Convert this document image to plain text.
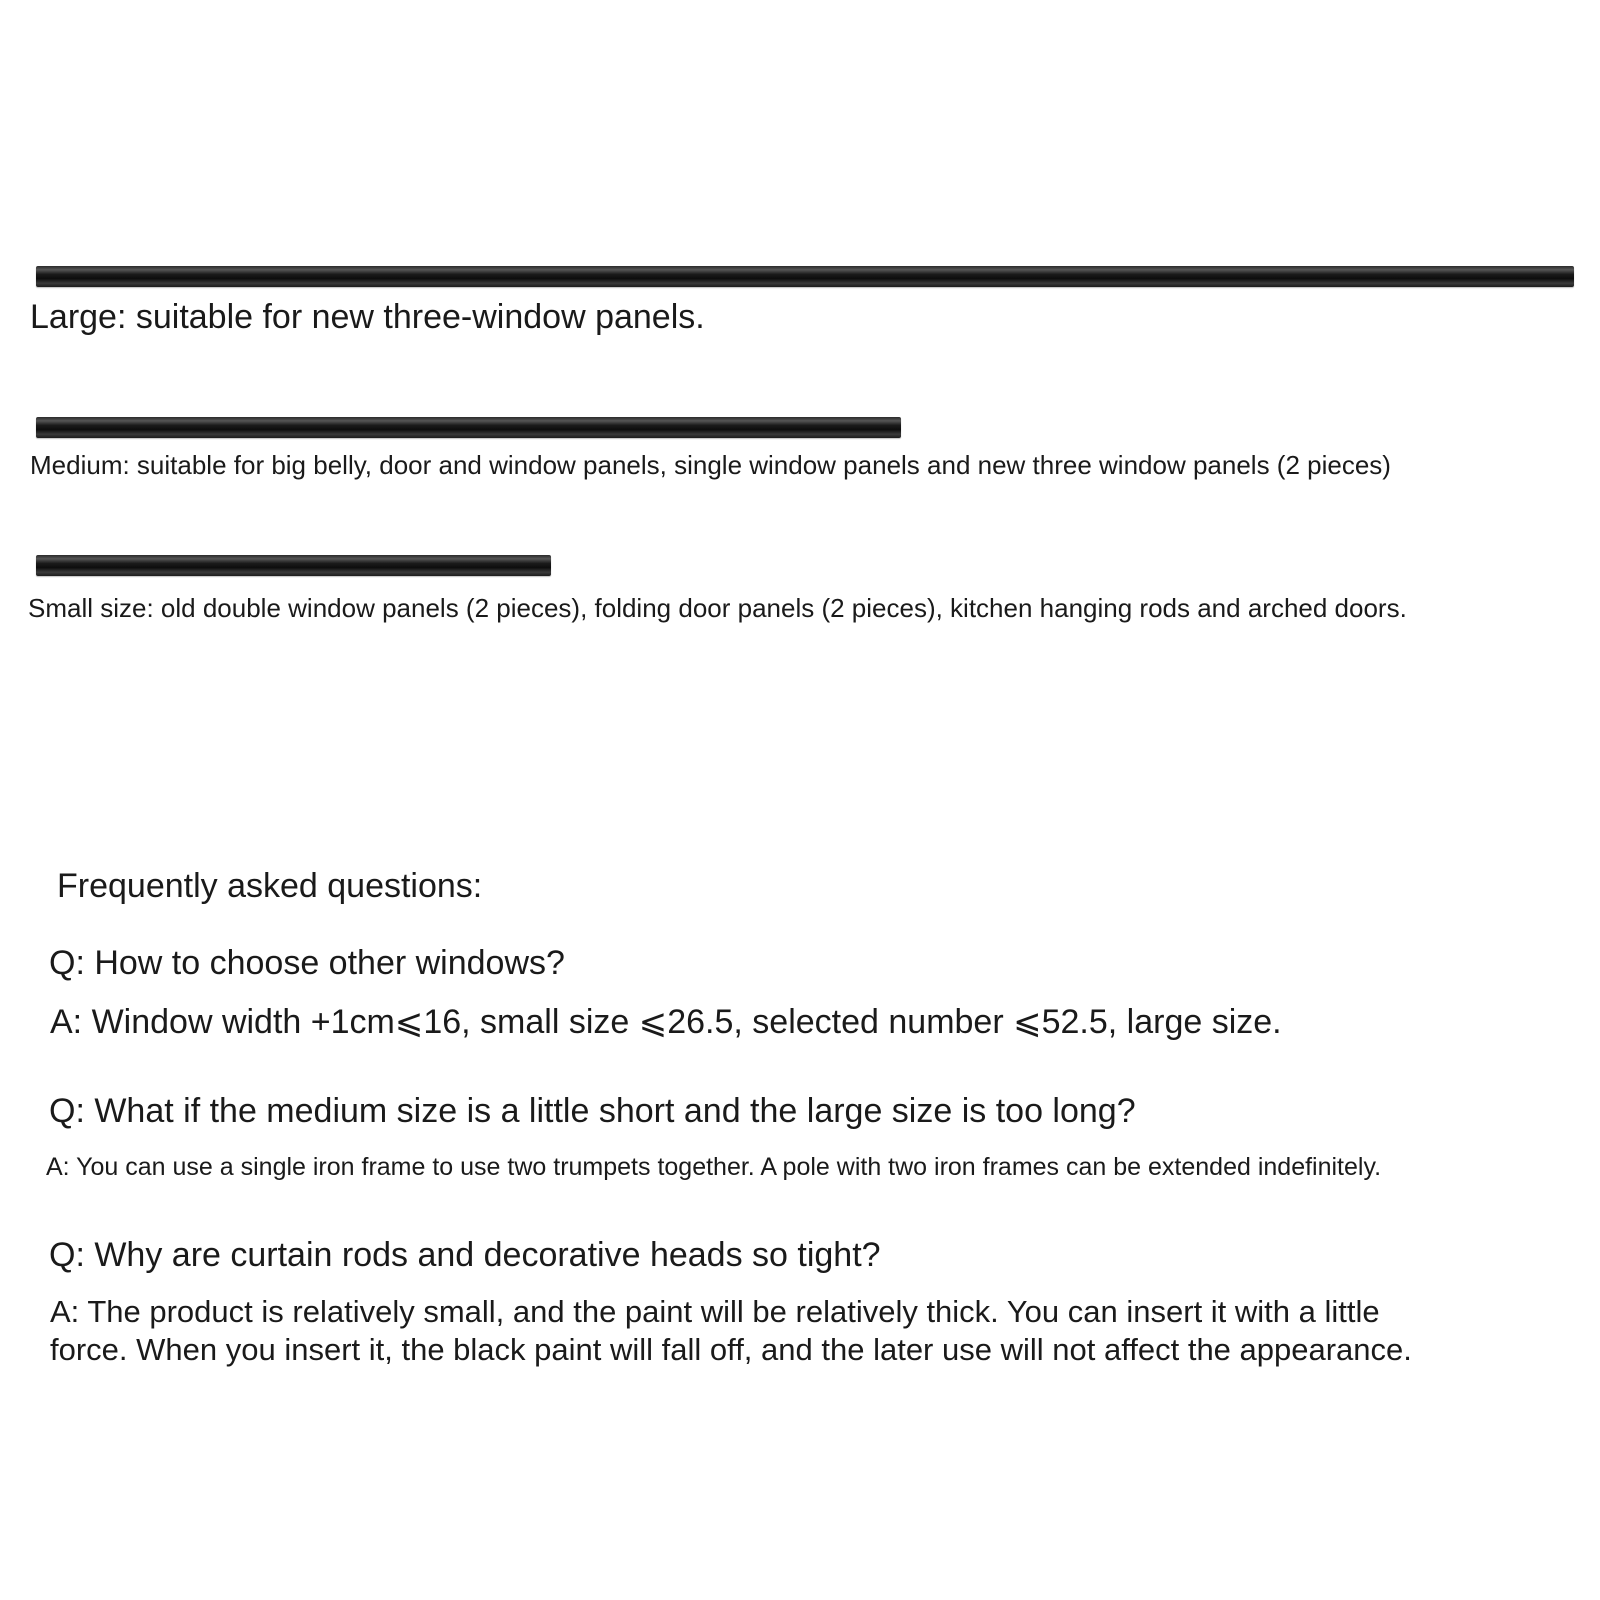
Large: suitable for new three-window panels.
Medium: suitable for big belly, door and window panels, single window panels and new three window panels (2 pieces)
Small size: old double window panels (2 pieces), folding door panels (2 pieces), kitchen hanging rods and arched doors.
Frequently asked questions:
Q: How to choose other windows?
A: Window width +1cm⩽16, small size ⩽26.5, selected number ⩽52.5, large size.
Q: What if the medium size is a little short and the large size is too long?
A: You can use a single iron frame to use two trumpets together. A pole with two iron frames can be extended indefinitely.
Q: Why are curtain rods and decorative heads so tight?
A: The product is relatively small, and the paint will be relatively thick. You can insert it with a little
force. When you insert it, the black paint will fall off, and the later use will not affect the appearance.
